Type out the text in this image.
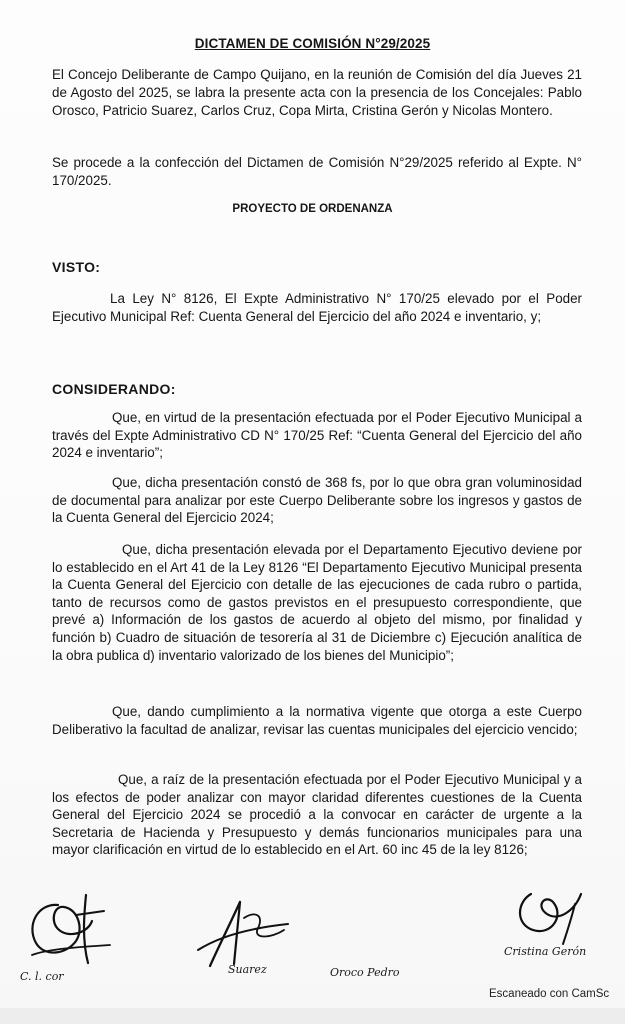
DICTAMEN DE COMISIÓN N°29/2025
El Concejo Deliberante de Campo Quijano, en la reunión de Comisión del día Jueves 21 de Agosto del 2025, se labra la presente acta con la presencia de los Concejales: Pablo Orosco, Patricio Suarez, Carlos Cruz, Copa Mirta, Cristina Gerón y Nicolas Montero.
Se procede a la confección del Dictamen de Comisión N°29/2025 referido al Expte. N° 170/2025.
PROYECTO DE ORDENANZA
VISTO:
La Ley N° 8126, El Expte Administrativo N° 170/25 elevado por el Poder Ejecutivo Municipal Ref: Cuenta General del Ejercicio del año 2024 e inventario, y;
CONSIDERANDO:
Que, en virtud de la presentación efectuada por el Poder Ejecutivo Municipal a través del Expte Administrativo CD N° 170/25 Ref: “Cuenta General del Ejercicio del año 2024 e inventario”;
Que, dicha presentación constó de 368 fs, por lo que obra gran voluminosidad de documental para analizar por este Cuerpo Deliberante sobre los ingresos y gastos de la Cuenta General del Ejercicio 2024;
Que, dicha presentación elevada por el Departamento Ejecutivo deviene por lo establecido en el Art 41 de la Ley 8126 “El Departamento Ejecutivo Municipal presenta la Cuenta General del Ejercicio con detalle de las ejecuciones de cada rubro o partida, tanto de recursos como de gastos previstos en el presupuesto correspondiente, que prevé a) Información de los gastos de acuerdo al objeto del mismo, por finalidad y función b) Cuadro de situación de tesorería al 31 de Diciembre c) Ejecución analítica de la obra publica d) inventario valorizado de los bienes del Municipio”;
Que, dando cumplimiento a la normativa vigente que otorga a este Cuerpo Deliberativo la facultad de analizar, revisar las cuentas municipales del ejercicio vencido;
Que, a raíz de la presentación efectuada por el Poder Ejecutivo Municipal y a los efectos de poder analizar con mayor claridad diferentes cuestiones de la Cuenta General del Ejercicio 2024 se procedió a la convocar en carácter de urgente a la Secretaria de Hacienda y Presupuesto y demás funcionarios municipales para una mayor clarificación en virtud de lo establecido en el Art. 60 inc 45 de la ley 8126;
C. l. cor
Suarez	Oroco Pedro
Cristina Gerón
Escaneado con CamSc
